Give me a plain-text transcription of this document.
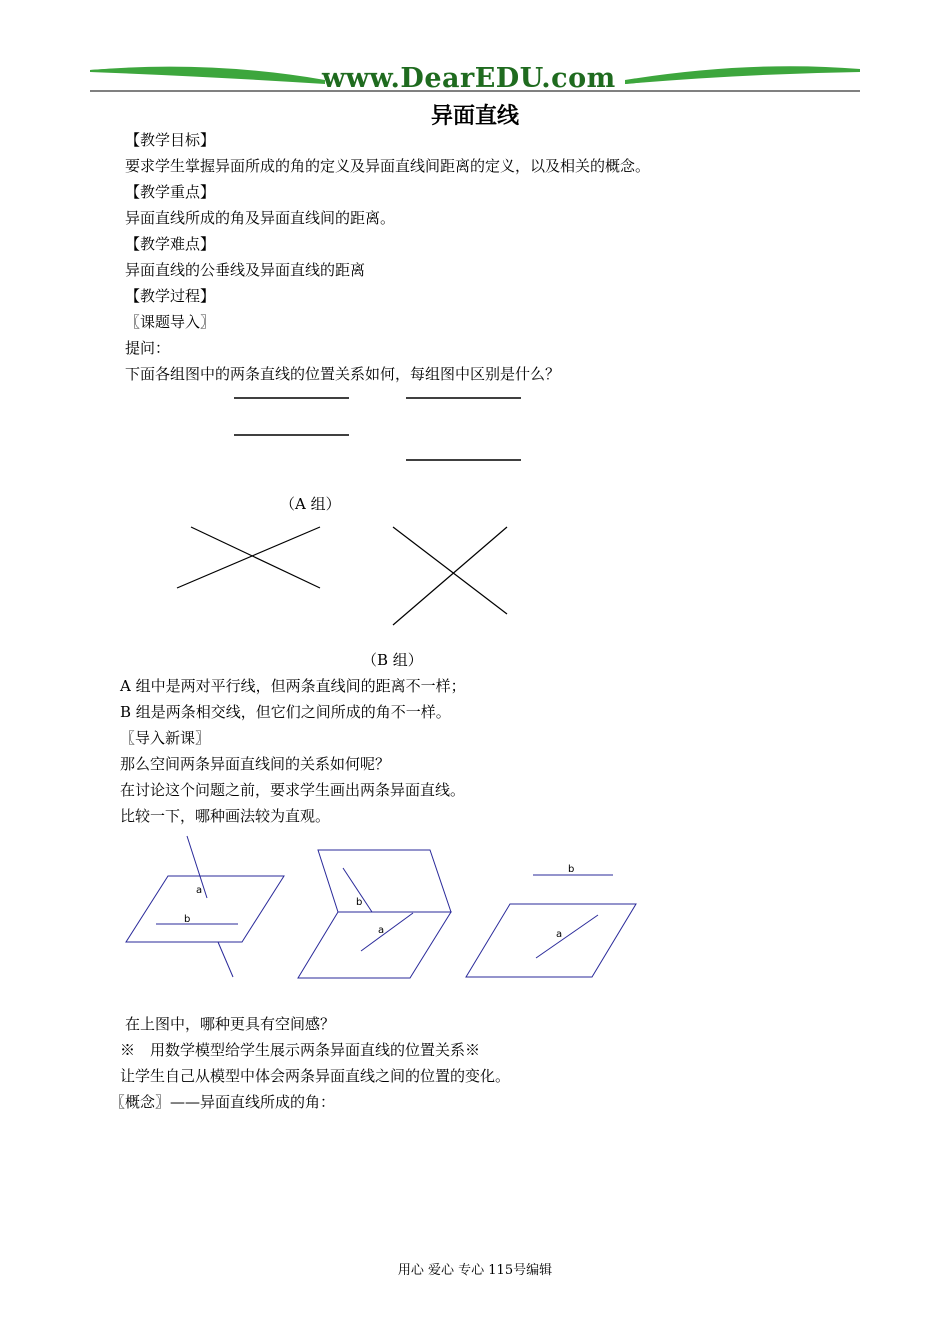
www.DearEDU.com
异面直线
【教学目标】
要求学生掌握异面所成的角的定义及异面直线间距离的定义，以及相关的概念。
【教学重点】
异面直线所成的角及异面直线间的距离。
【教学难点】
异面直线的公垂线及异面直线的距离
【教学过程】
〖课题导入〗
提问：
下面各组图中的两条直线的位置关系如何，每组图中区别是什么？
（A 组）
（B 组）
A 组中是两对平行线，但两条直线间的距离不一样；
B 组是两条相交线，但它们之间所成的角不一样。
〖导入新课〗
那么空间两条异面直线间的关系如何呢？
在讨论这个问题之前，要求学生画出两条异面直线。
比较一下，哪种画法较为直观。
a
b
b
a
b
a
在上图中，哪种更具有空间感？
※　用数学模型给学生展示两条异面直线的位置关系※
让学生自己从模型中体会两条异面直线之间的位置的变化。
〖概念〗——异面直线所成的角：
用心 爱心 专心 115号编辑
